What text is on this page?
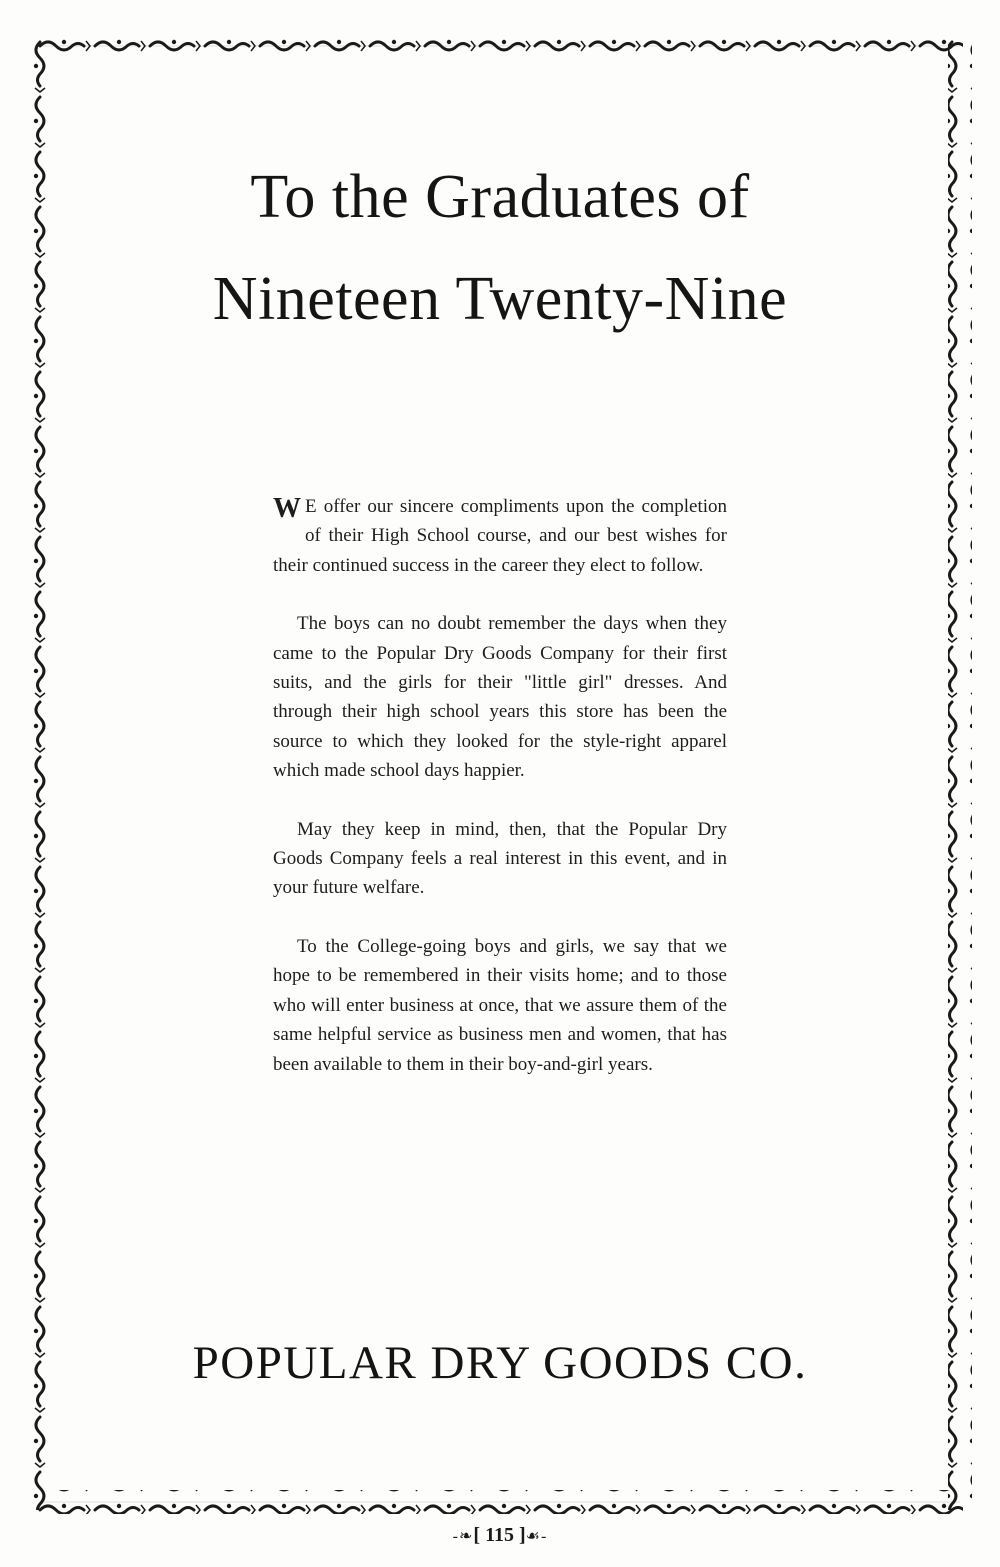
To the Graduates of
Nineteen Twenty-Nine

W E offer our sincere compliments upon the completion of their High School course, and our best wishes for their continued success in the career they elect to follow.

The boys can no doubt remember the days when they came to the Popular Dry Goods Company for their first suits, and the girls for their "little girl" dresses. And through their high school years this store has been the source to which they looked for the style-right apparel which made school days happier.

May they keep in mind, then, that the Popular Dry Goods Company feels a real interest in this event, and in your future welfare.

To the College-going boys and girls, we say that we hope to be remembered in their visits home; and to those who will enter business at once, that we assure them of the same helpful service as business men and women, that has been available to them in their boy-and-girl years.

POPULAR DRY GOODS CO.
-❧[ 115 ]☙-
